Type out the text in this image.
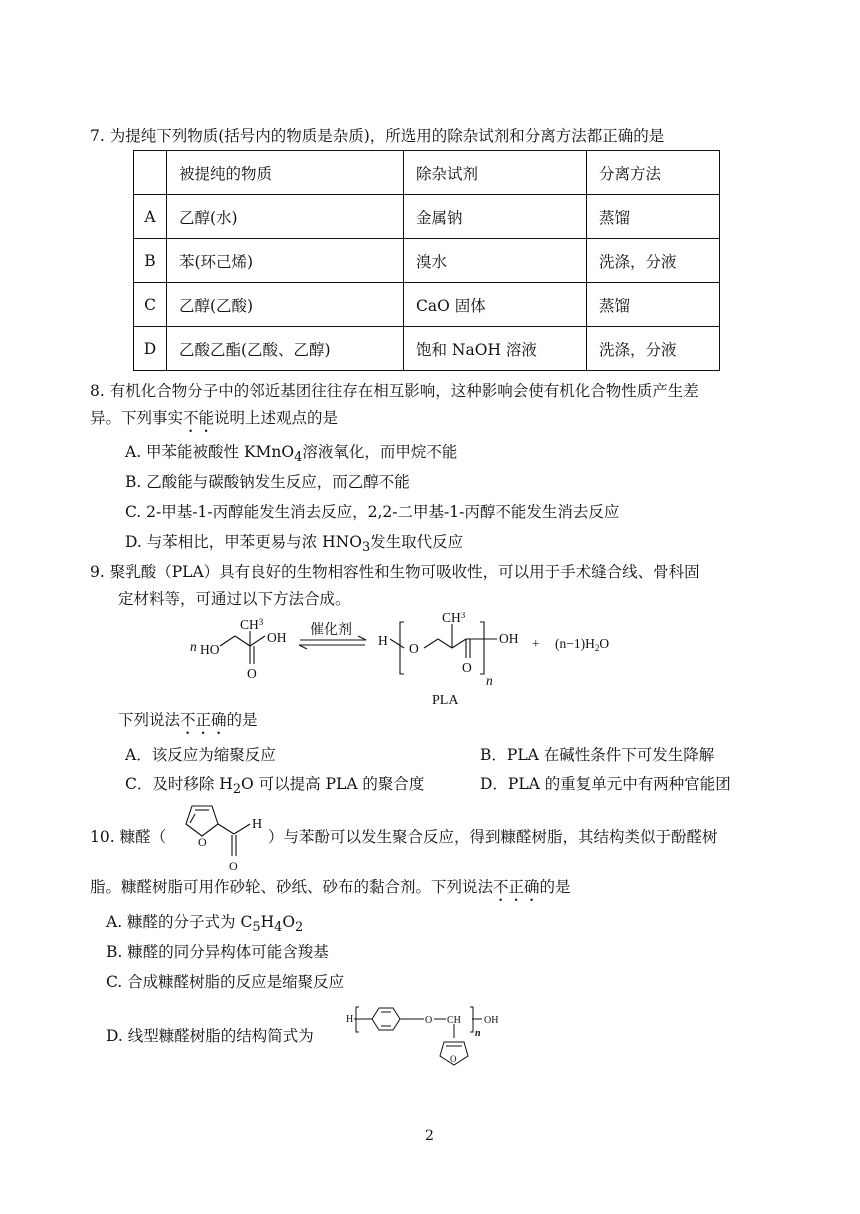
7. 为提纯下列物质(括号内的物质是杂质)，所选用的除杂试剂和分离方法都正确的是
	被提纯的物质	除杂试剂	分离方法
A	乙醇(水)	金属钠	蒸馏
B	苯(环己烯)	溴水	洗涤，分液
C	乙醇(乙酸)	CaO 固体	蒸馏
D	乙酸乙酯(乙酸、乙醇)	饱和 NaOH 溶液	洗涤，分液
8. 有机化合物分子中的邻近基团往往存在相互影响，这种影响会使有机化合物性质产生差
异。下列事实不能说明上述观点的是
A. 甲苯能被酸性 KMnO$_4$溶液氧化，而甲烷不能
B. 乙酸能与碳酸钠发生反应，而乙醇不能
C. 2-甲基-1-丙醇能发生消去反应，2,2-二甲基-1-丙醇不能发生消去反应
D. 与苯相比，甲苯更易与浓 $HNO_3$发生取代反应
9. 聚乳酸（PLA）具有良好的生物相容性和生物可吸收性，可以用于手术缝合线、骨科固
定材料等，可通过以下方法合成。
n HO
$CH^3$
OH
O
催化剂
H
O
$CH^3$
O
n
OH + $(n-1)H_2O$
PLA
下列说法不正确的是
A．该反应为缩聚反应	B．PLA 在碱性条件下可发生降解
C．及时移除 $H_2O$ 可以提高 PLA 的聚合度	D．PLA 的重复单元中有两种官能团
10. 糠醛（	O
O
H
）与苯酚可以发生聚合反应，得到糠醛树脂，其结构类似于酚醛树
脂。糠醛树脂可用作砂轮、砂纸、砂布的黏合剂。下列说法不正确的是
A. 糠醛的分子式为 $C_5H_4O_2$
B. 糠醛的同分异构体可能含羧基
C. 合成糠醛树脂的反应是缩聚反应
D. 线型糠醛树脂的结构简式为
H	O CH
n
OH
O
2
